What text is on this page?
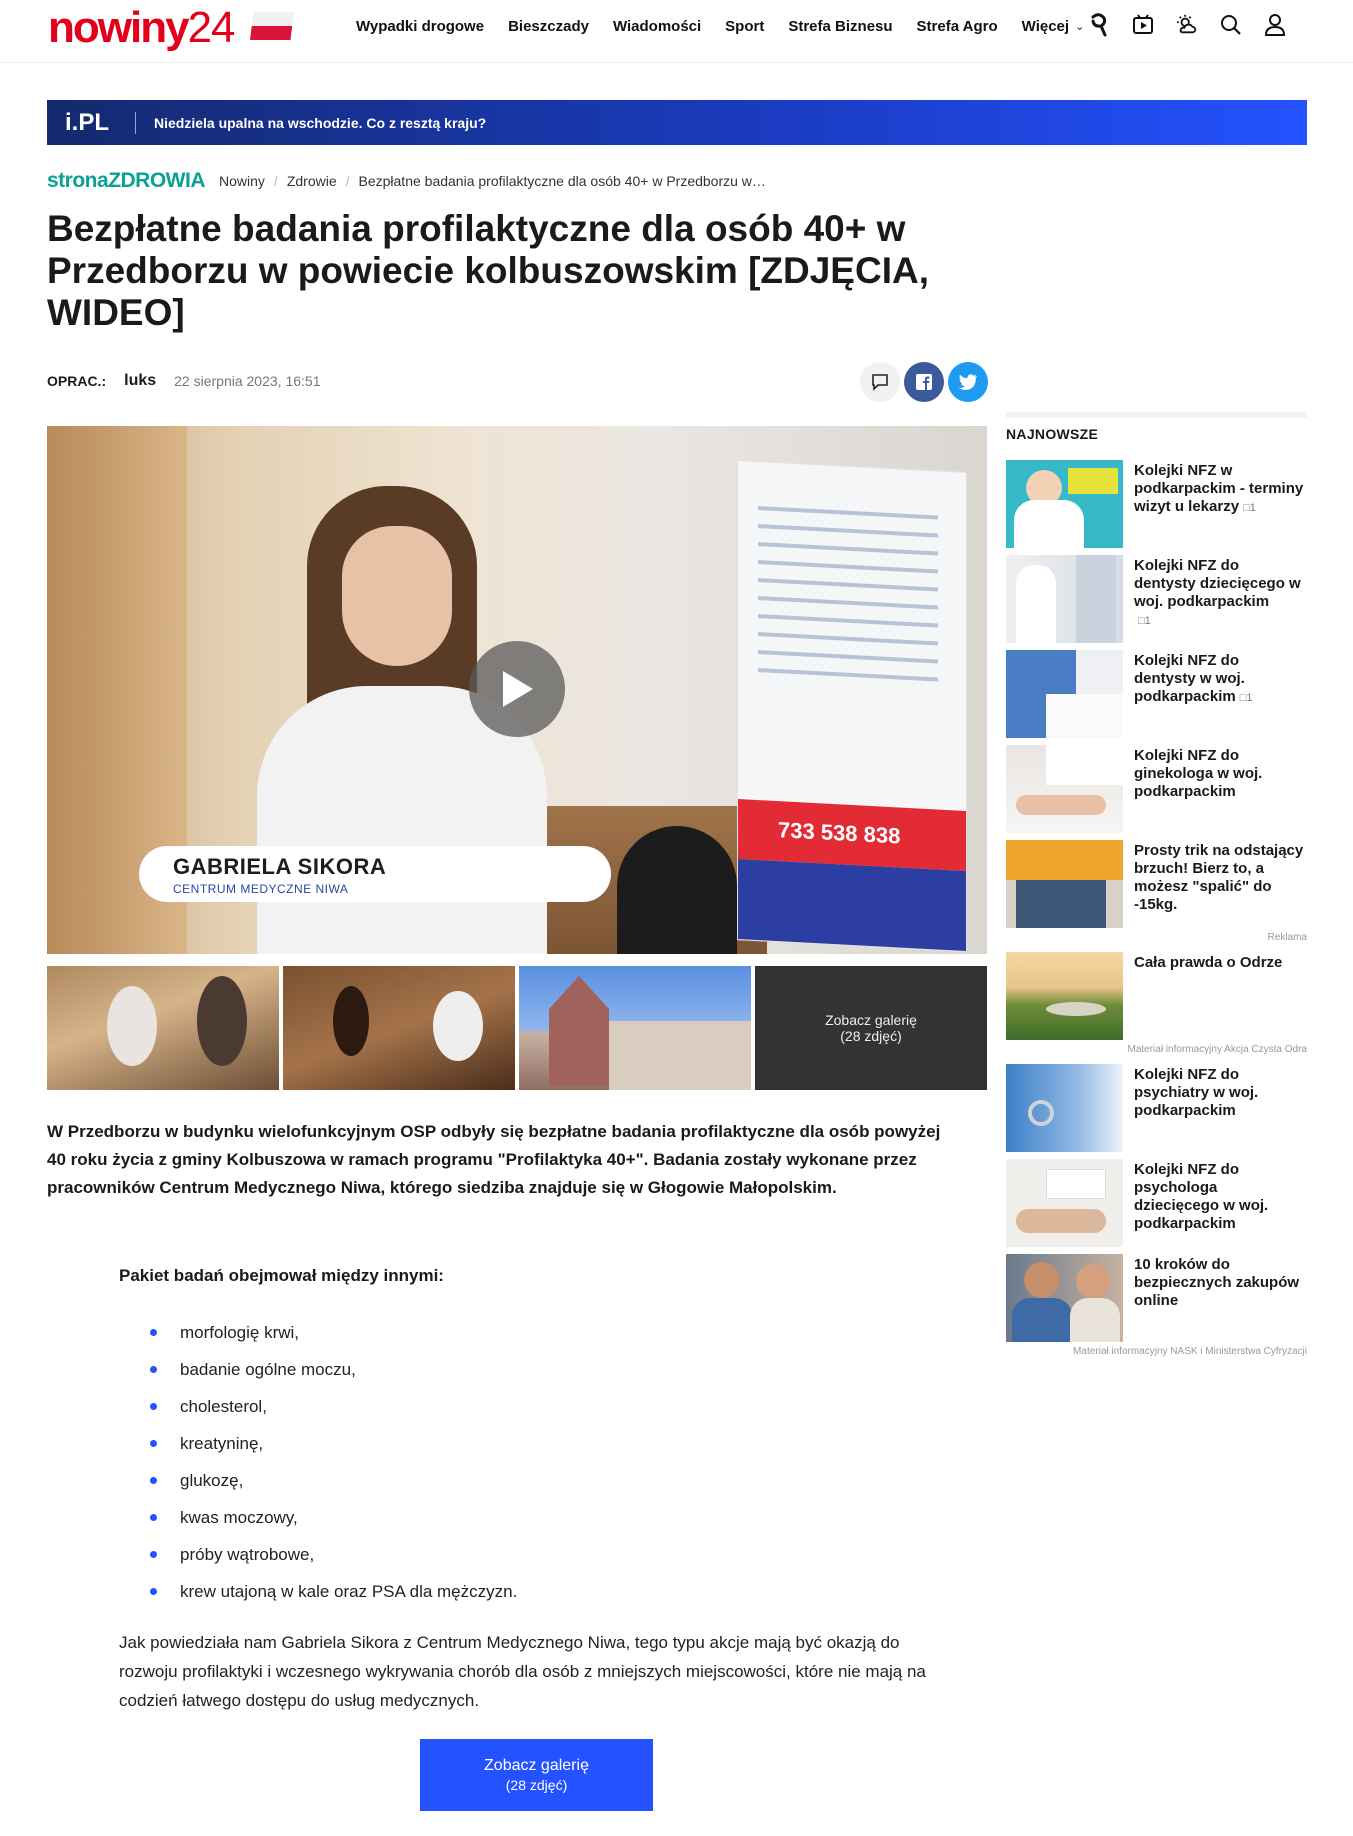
nowiny 24	Wypadki drogowe Bieszczady Wiadomości Sport Strefa Biznesu Strefa Agro Więcej ⌄
i.PL	Niedziela upalna na wschodzie. Co z resztą kraju?
stronaZDROWIA Nowiny / Zdrowie / Bezpłatne badania profilaktyczne dla osób 40+ w Przedborzu w…
Bezpłatne badania profilaktyczne dla osób 40+ w Przedborzu w powiecie kolbuszowskim [ZDJĘCIA, WIDEO]
OPRAC.: luks 22 sierpnia 2023, 16:51
733 538 838
GABRIELA SIKORA
CENTRUM MEDYCZNE NIWA
Zobacz galerię
(28 zdjęć)

W Przedborzu w budynku wielofunkcyjnym OSP odbyły się bezpłatne badania profilaktyczne dla osób powyżej 40 roku życia z gminy Kolbuszowa w ramach programu "Profilaktyka 40+". Badania zostały wykonane przez pracowników Centrum Medycznego Niwa, którego siedziba znajduje się w Głogowie Małopolskim.

Pakiet badań obejmował między innymi:

morfologię krwi,
badanie ogólne moczu,
cholesterol,
kreatyninę,
glukozę,
kwas moczowy,
próby wątrobowe,
krew utajoną w kale oraz PSA dla mężczyzn.

Jak powiedziała nam Gabriela Sikora z Centrum Medycznego Niwa, tego typu akcje mają być okazją do rozwoju profilaktyki i wczesnego wykrywania chorób dla osób z mniejszych miejscowości, które nie mają na codzień łatwego dostępu do usług medycznych.

Zobacz galerię
(28 zdjęć)
NAJNOWSZE
Kolejki NFZ w podkarpackim - terminy wizyt u lekarzy □1
Kolejki NFZ do dentysty dziecięcego w woj. podkarpackim
□1
Kolejki NFZ do dentysty w woj. podkarpackim □1
Kolejki NFZ do ginekologa w woj. podkarpackim
Prosty trik na odstający brzuch! Bierz to, a możesz "spalić" do -15kg.
Reklama
Cała prawda o Odrze
Materiał informacyjny Akcja Czysta Odra
Kolejki NFZ do psychiatry w woj. podkarpackim
Kolejki NFZ do psychologa dziecięcego w woj. podkarpackim
10 kroków do bezpiecznych zakupów online
Materiał informacyjny NASK i Ministerstwa Cyfryzacji
